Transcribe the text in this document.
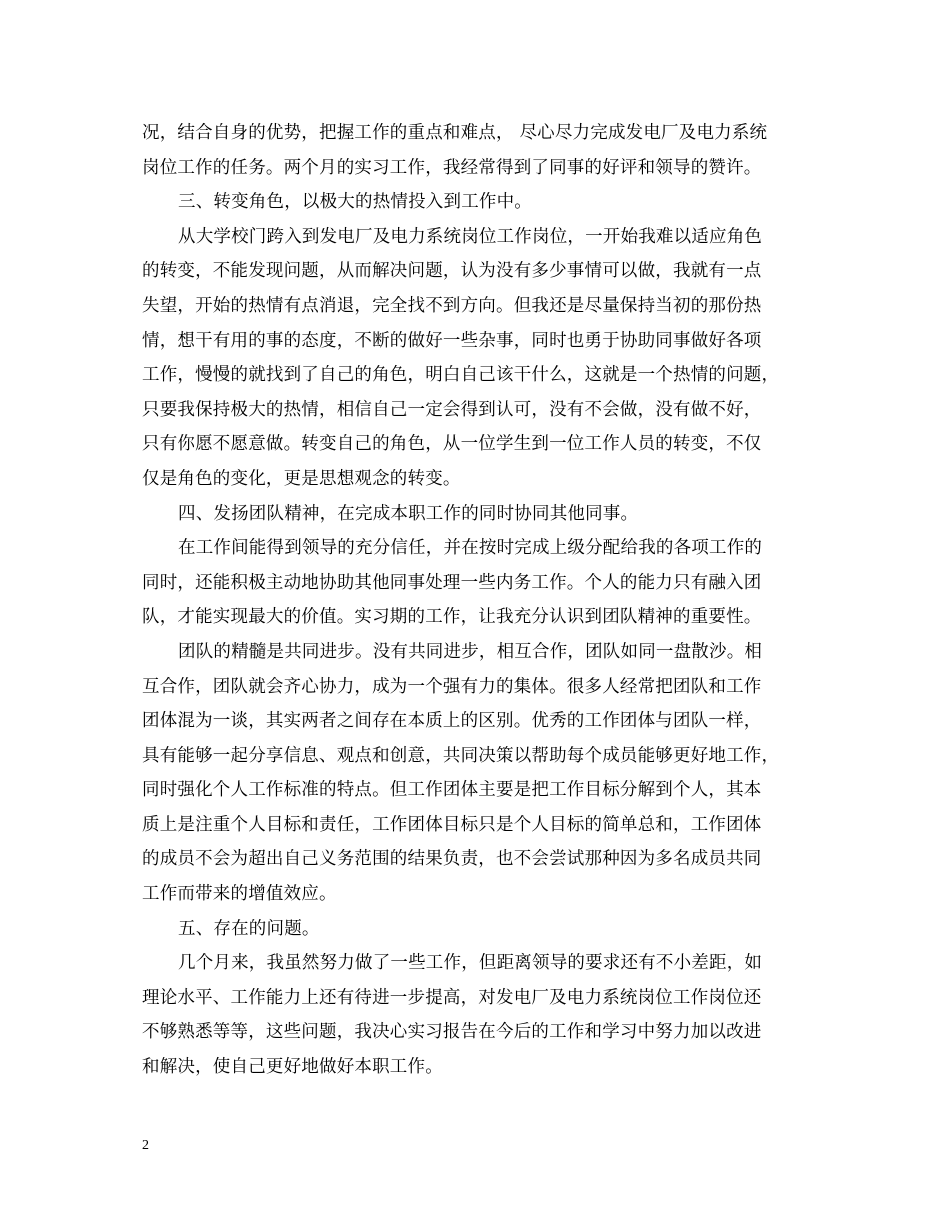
况，结合自身的优势，把握工作的重点和难点， 尽心尽力完成发电厂及电力系统
岗位工作的任务。两个月的实习工作，我经常得到了同事的好评和领导的赞许。
三、转变角色，以极大的热情投入到工作中。
从大学校门跨入到发电厂及电力系统岗位工作岗位，一开始我难以适应角色
的转变，不能发现问题，从而解决问题，认为没有多少事情可以做，我就有一点
失望，开始的热情有点消退，完全找不到方向。但我还是尽量保持当初的那份热
情，想干有用的事的态度，不断的做好一些杂事，同时也勇于协助同事做好各项
工作，慢慢的就找到了自己的角色，明白自己该干什么，这就是一个热情的问题，
只要我保持极大的热情，相信自己一定会得到认可，没有不会做，没有做不好，
只有你愿不愿意做。转变自己的角色，从一位学生到一位工作人员的转变，不仅
仅是角色的变化，更是思想观念的转变。
四、发扬团队精神，在完成本职工作的同时协同其他同事。
在工作间能得到领导的充分信任，并在按时完成上级分配给我的各项工作的
同时，还能积极主动地协助其他同事处理一些内务工作。个人的能力只有融入团
队，才能实现最大的价值。实习期的工作，让我充分认识到团队精神的重要性。
团队的精髓是共同进步。没有共同进步，相互合作，团队如同一盘散沙。相
互合作，团队就会齐心协力，成为一个强有力的集体。很多人经常把团队和工作
团体混为一谈，其实两者之间存在本质上的区别。优秀的工作团体与团队一样，
具有能够一起分享信息、观点和创意，共同决策以帮助每个成员能够更好地工作，
同时强化个人工作标准的特点。但工作团体主要是把工作目标分解到个人，其本
质上是注重个人目标和责任，工作团体目标只是个人目标的简单总和，工作团体
的成员不会为超出自己义务范围的结果负责，也不会尝试那种因为多名成员共同
工作而带来的增值效应。
五、存在的问题。
几个月来，我虽然努力做了一些工作，但距离领导的要求还有不小差距，如
理论水平、工作能力上还有待进一步提高，对发电厂及电力系统岗位工作岗位还
不够熟悉等等，这些问题，我决心实习报告在今后的工作和学习中努力加以改进
和解决，使自己更好地做好本职工作。
2
